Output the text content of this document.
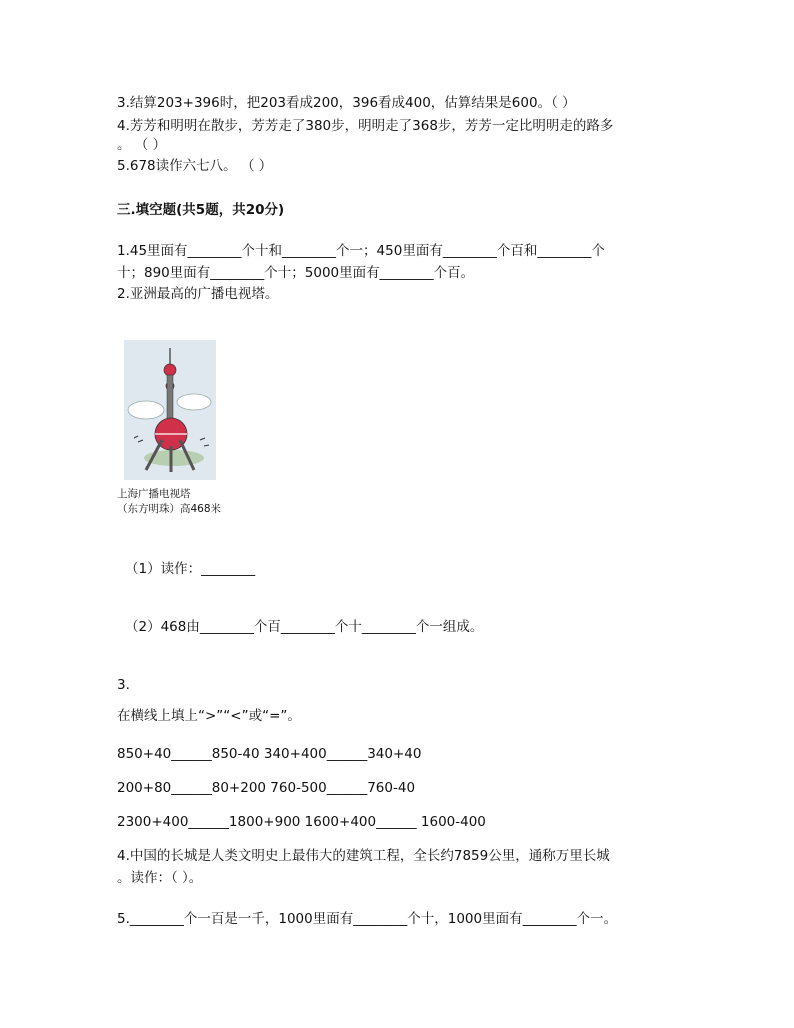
3.结算203+396时，把203看成200，396看成400，估算结果是600。（ ）
4.芳芳和明明在散步，芳芳走了380步，明明走了368步，芳芳一定比明明走的路多
。 （ ）
5.678读作六七八。 （ ）
三.填空题(共5题，共20分)
1.45里面有________个十和________个一；450里面有________个百和________个
十；890里面有________个十；5000里面有________个百。
2.亚洲最高的广播电视塔。
上海广播电视塔
（东方明珠）高468米
（1）读作：________
（2）468由________个百________个十________个一组成。
3.
在横线上填上“>”“<”或“=”。
850+40______850-40 340+400______340+40
200+80______80+200 760-500______760-40
2300+400______1800+900 1600+400______ 1600-400
4.中国的长城是人类文明史上最伟大的建筑工程，全长约7859公里，通称万里长城
。读作：（ ）。
5.________个一百是一千，1000里面有________个十，1000里面有________个一。
